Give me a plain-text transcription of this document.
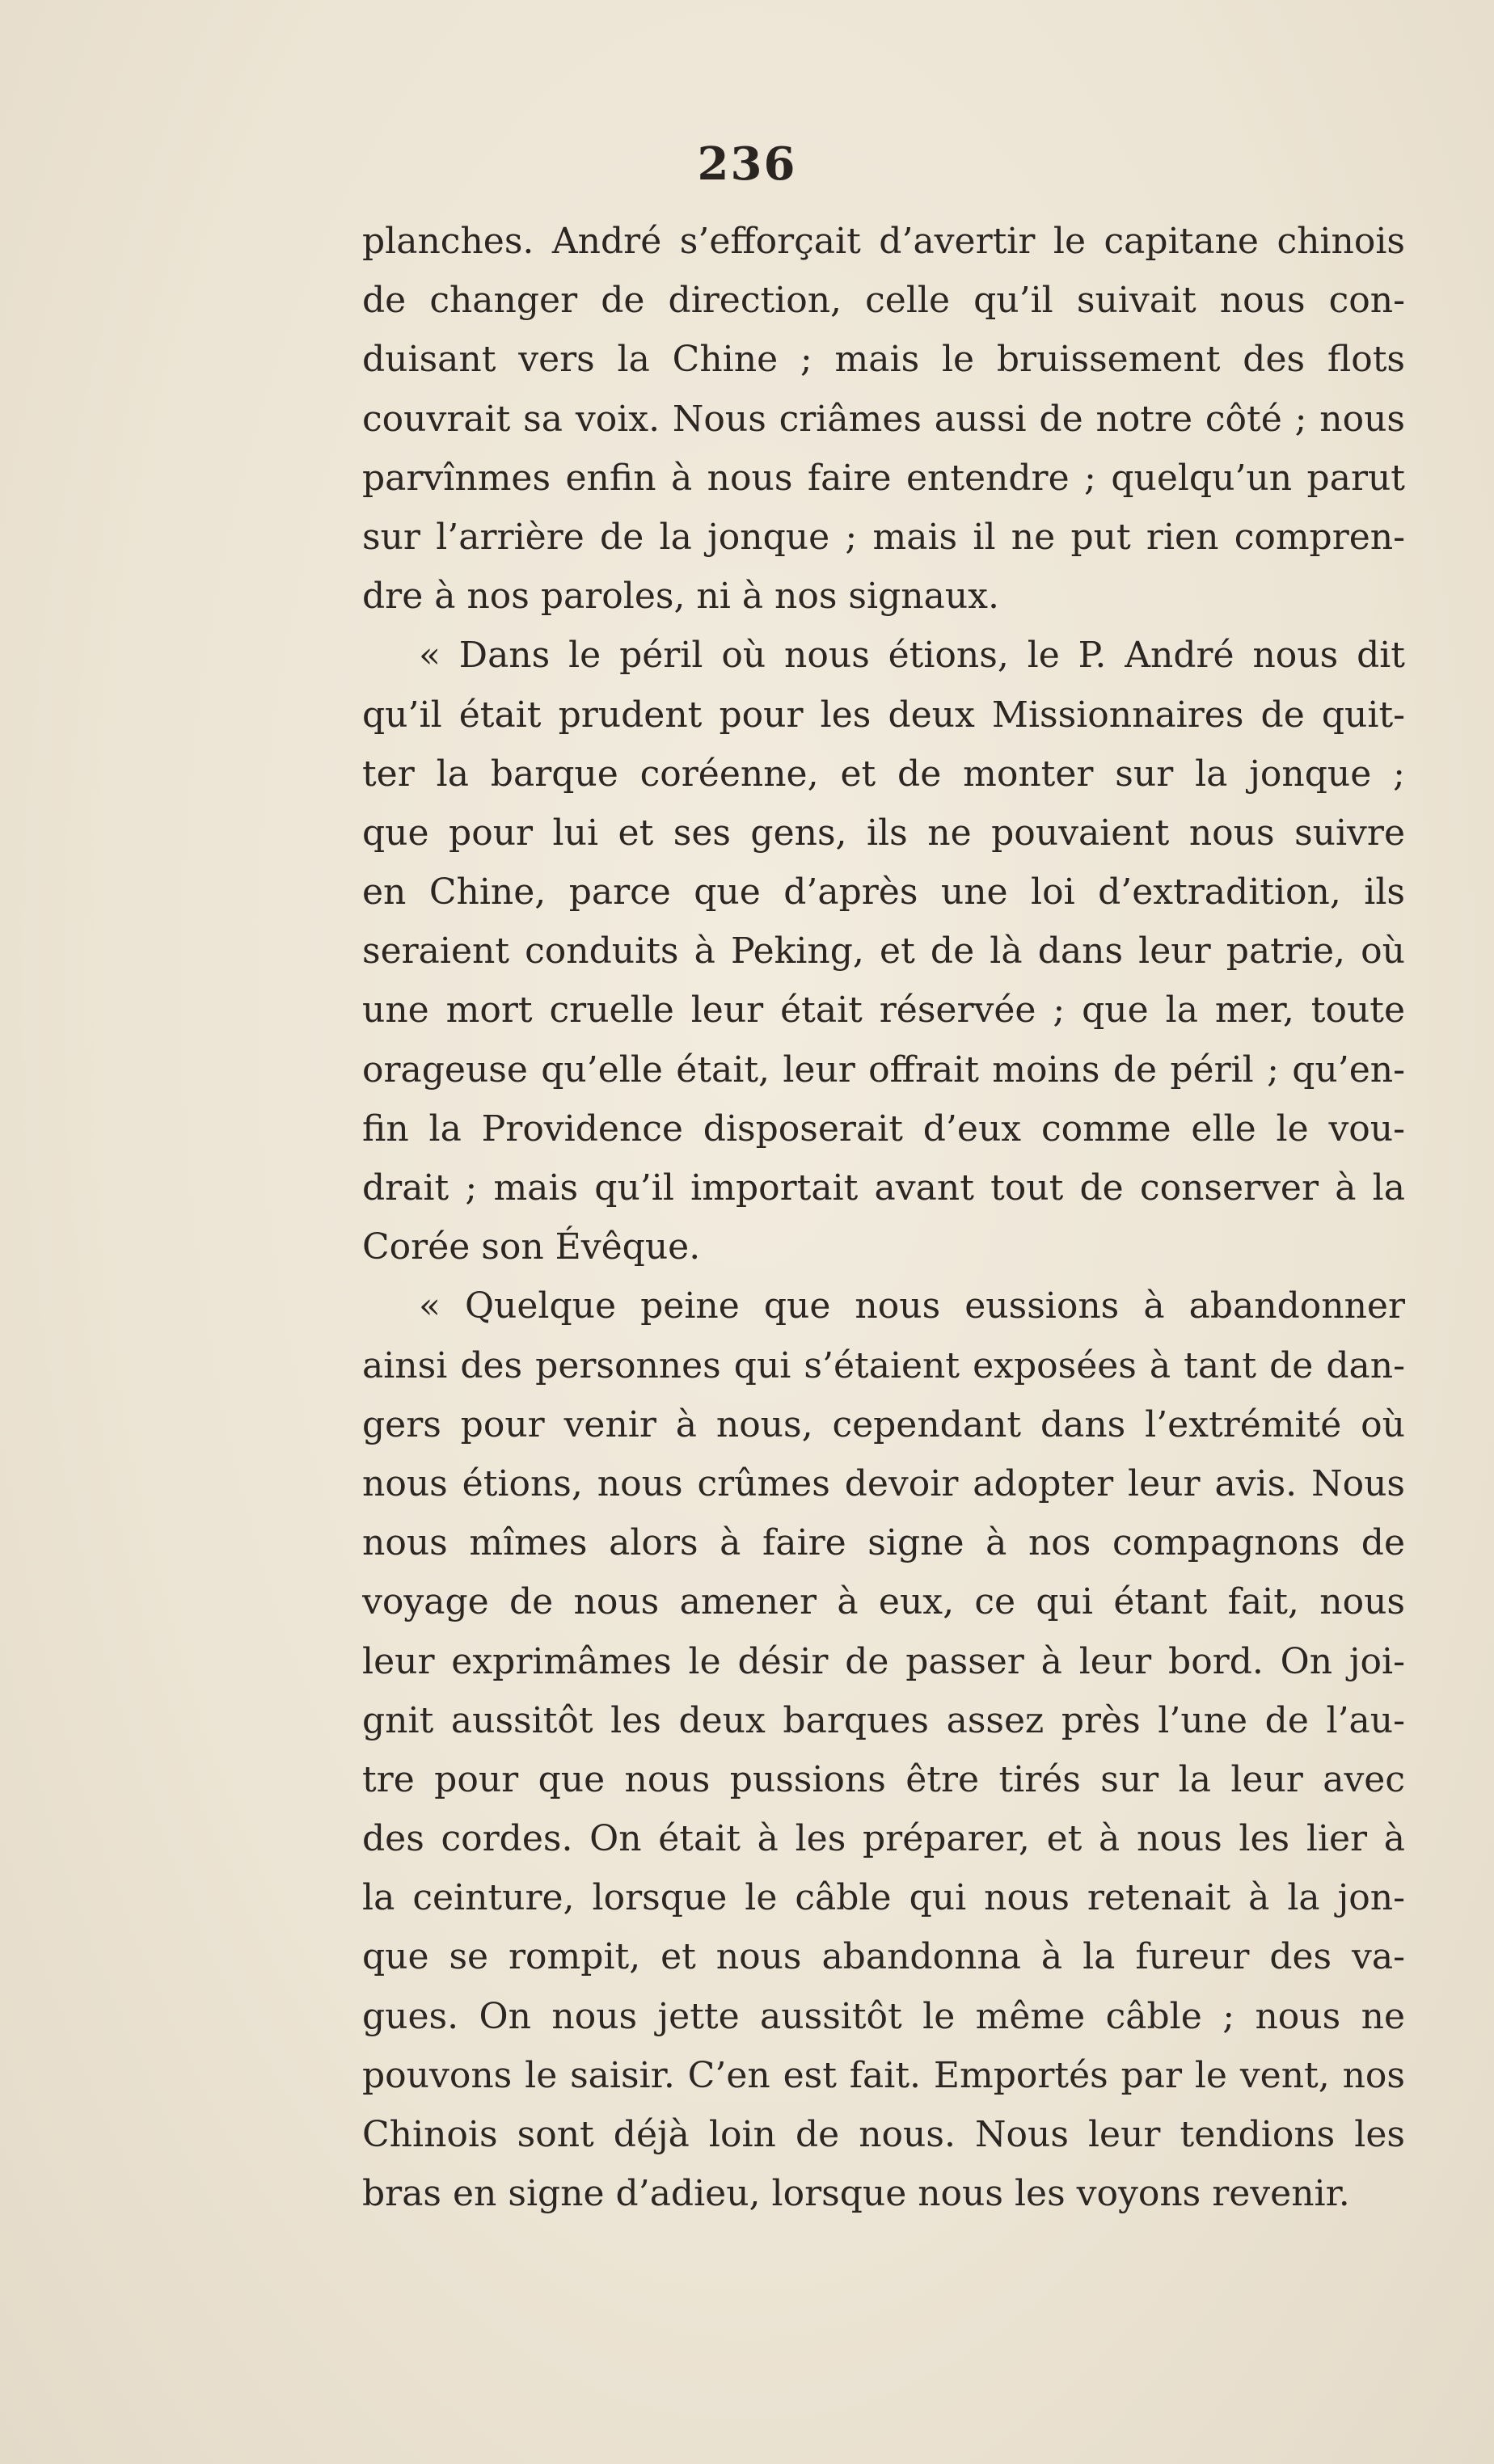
236
planches. André s’efforçait d’avertir le capitane chinois
de changer de direction, celle qu’il suivait nous con-
duisant vers la Chine ; mais le bruissement des flots
couvrait sa voix. Nous criâmes aussi de notre côté ; nous
parvînmes enfin à nous faire entendre ; quelqu’un parut
sur l’arrière de la jonque ; mais il ne put rien compren-
dre à nos paroles, ni à nos signaux.
« Dans le péril où nous étions, le P. André nous dit
qu’il était prudent pour les deux Missionnaires de quit-
ter la barque coréenne, et de monter sur la jonque ;
que pour lui et ses gens, ils ne pouvaient nous suivre
en Chine, parce que d’après une loi d’extradition, ils
seraient conduits à Peking, et de là dans leur patrie, où
une mort cruelle leur était réservée ; que la mer, toute
orageuse qu’elle était, leur offrait moins de péril ; qu’en-
fin la Providence disposerait d’eux comme elle le vou-
drait ; mais qu’il importait avant tout de conserver à la
Corée son Évêque.
« Quelque peine que nous eussions à abandonner
ainsi des personnes qui s’étaient exposées à tant de dan-
gers pour venir à nous, cependant dans l’extrémité où
nous étions, nous crûmes devoir adopter leur avis. Nous
nous mîmes alors à faire signe à nos compagnons de
voyage de nous amener à eux, ce qui étant fait, nous
leur exprimâmes le désir de passer à leur bord. On joi-
gnit aussitôt les deux barques assez près l’une de l’au-
tre pour que nous pussions être tirés sur la leur avec
des cordes. On était à les préparer, et à nous les lier à
la ceinture, lorsque le câble qui nous retenait à la jon-
que se rompit, et nous abandonna à la fureur des va-
gues. On nous jette aussitôt le même câble ; nous ne
pouvons le saisir. C’en est fait. Emportés par le vent, nos
Chinois sont déjà loin de nous. Nous leur tendions les
bras en signe d’adieu, lorsque nous les voyons revenir.
